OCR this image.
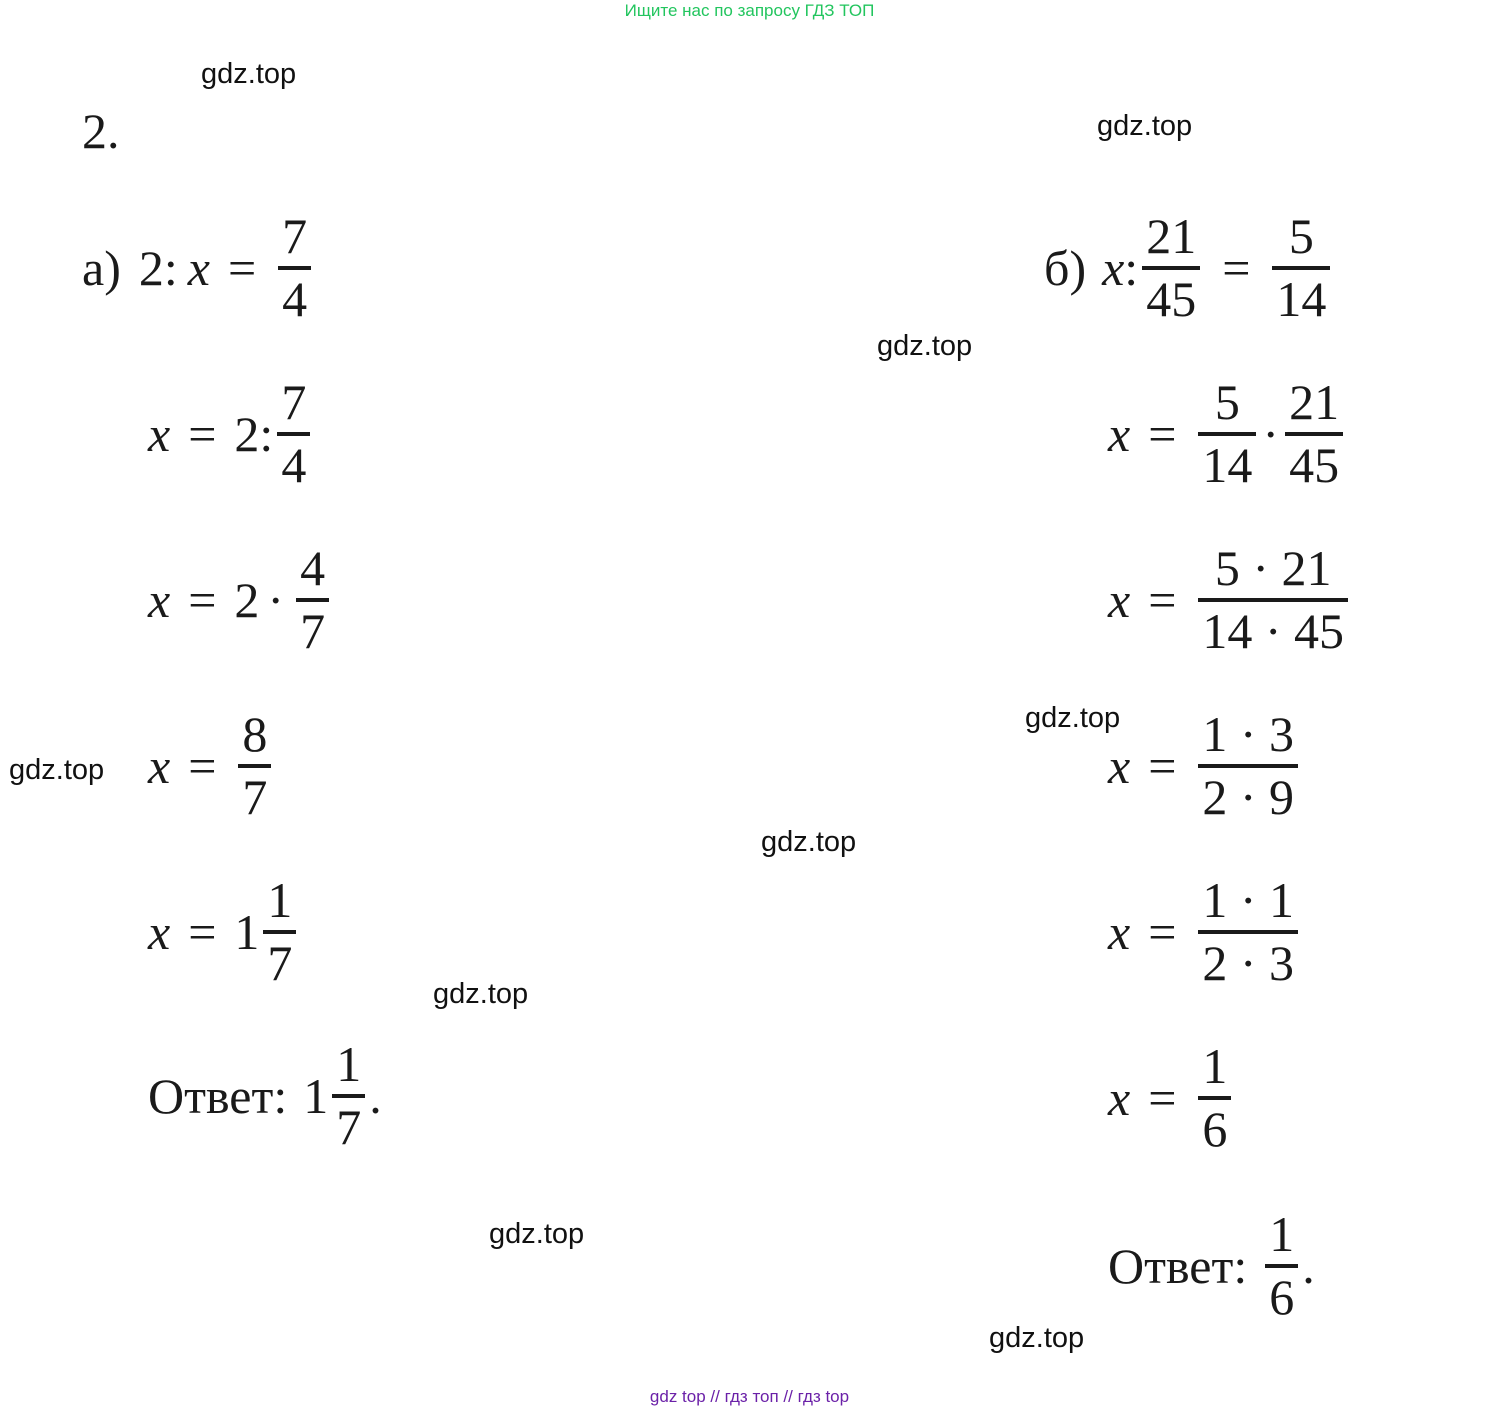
Ищите нас по запросу ГДЗ ТОП
gdz.top
gdz.top
gdz.top
gdz.top
gdz.top
gdz.top
gdz.top
gdz.top
gdz.top
2.
а) 2: $x = \frac{7}{4}$
x = 2: $\frac{7}{4}$
$x = 2 \cdot \frac{4}{7}$
$x = \frac{8}{7}$
$x = 1 \frac{1}{7}$
Ответ: $1 \frac{1}{7}$ .
б) x : $\frac{21}{45} = \frac{5}{14}$
$x = \frac{5}{14} \cdot \frac{21}{45}$
$x = \frac{5 \cdot 21}{14 \cdot 45}$
$x = \frac{1 \cdot 3}{2 \cdot 9}$
$x = \frac{1 \cdot 1}{2 \cdot 3}$
$x = \frac{1}{6}$
Ответ: $\frac{1}{6}$ .
gdz top // гдз топ // гдз top
